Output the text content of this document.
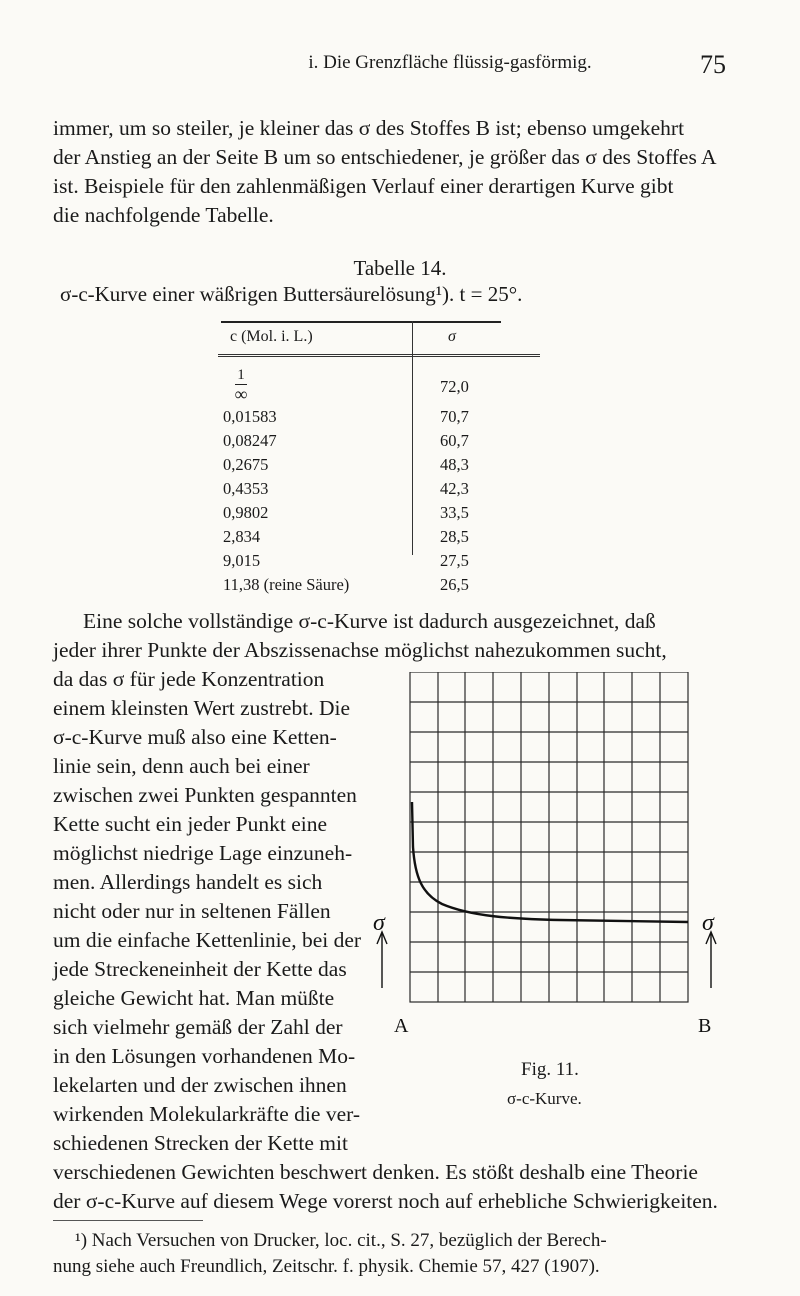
i. Die Grenzfläche flüssig-gasförmig.	75
immer, um so steiler, je kleiner das σ des Stoffes B ist; ebenso umgekehrt
der Anstieg an der Seite B um so entschiedener, je größer das σ des Stoffes A
ist. Beispiele für den zahlenmäßigen Verlauf einer derartigen Kurve gibt
die nachfolgende Tabelle.
Tabelle 14.
σ-c-Kurve einer wäßrigen Buttersäurelösung¹). t = 25°.
c (Mol. i. L.)	σ
1
∞	72,0
0,01583	70,7
0,08247	60,7
0,2675	48,3
0,4353	42,3
0,9802	33,5
2,834	28,5
9,015	27,5
11,38 (reine Säure)	26,5
Eine solche vollständige σ-c-Kurve ist dadurch ausgezeichnet, daß
jeder ihrer Punkte der Abszissenachse möglichst nahezukommen sucht,
da das σ für jede Konzentration
einem kleinsten Wert zustrebt. Die
σ-c-Kurve muß also eine Ketten-
linie sein, denn auch bei einer
zwischen zwei Punkten gespannten
Kette sucht ein jeder Punkt eine
möglichst niedrige Lage einzuneh-
men. Allerdings handelt es sich
nicht oder nur in seltenen Fällen
um die einfache Kettenlinie, bei der
jede Streckeneinheit der Kette das
gleiche Gewicht hat. Man müßte
sich vielmehr gemäß der Zahl der
in den Lösungen vorhandenen Mo-
lekelarten und der zwischen ihnen
wirkenden Molekularkräfte die ver-
schiedenen Strecken der Kette mit
verschiedenen Gewichten beschwert denken. Es stößt deshalb eine Theorie
der σ-c-Kurve auf diesem Wege vorerst noch auf erhebliche Schwierigkeiten.
σ	σ
A	B
Fig. 11.
σ-c-Kurve.
¹) Nach Versuchen von Drucker, loc. cit., S. 27, bezüglich der Berech-
nung siehe auch Freundlich, Zeitschr. f. physik. Chemie 57, 427 (1907).
